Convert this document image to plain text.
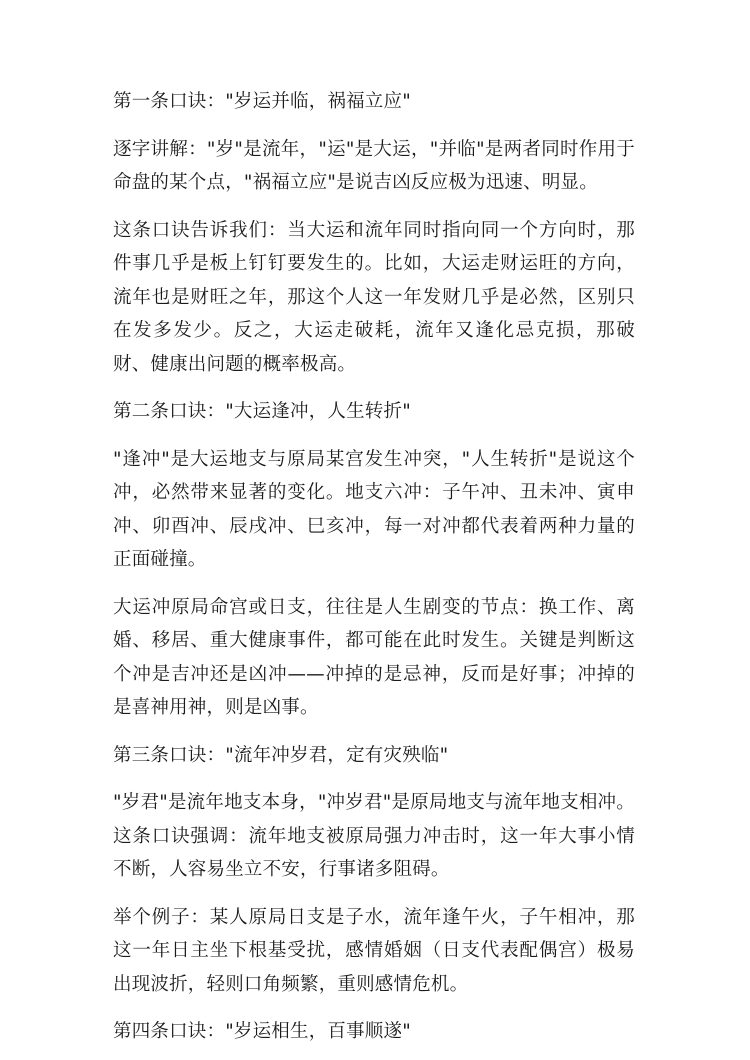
第一条口诀："岁运并临，祸福立应"

逐字讲解："岁"是流年，"运"是大运，"并临"是两者同时作用于命盘的某个点，"祸福立应"是说吉凶反应极为迅速、明显。

这条口诀告诉我们：当大运和流年同时指向同一个方向时，那件事几乎是板上钉钉要发生的。比如，大运走财运旺的方向，流年也是财旺之年，那这个人这一年发财几乎是必然，区别只在发多发少。反之，大运走破耗，流年又逢化忌克损，那破财、健康出问题的概率极高。

第二条口诀："大运逢冲，人生转折"

"逢冲"是大运地支与原局某宫发生冲突，"人生转折"是说这个冲，必然带来显著的变化。地支六冲：子午冲、丑未冲、寅申冲、卯酉冲、辰戌冲、巳亥冲，每一对冲都代表着两种力量的正面碰撞。

大运冲原局命宫或日支，往往是人生剧变的节点：换工作、离婚、移居、重大健康事件，都可能在此时发生。关键是判断这个冲是吉冲还是凶冲——冲掉的是忌神，反而是好事；冲掉的是喜神用神，则是凶事。

第三条口诀："流年冲岁君，定有灾殃临"

"岁君"是流年地支本身，"冲岁君"是原局地支与流年地支相冲。这条口诀强调：流年地支被原局强力冲击时，这一年大事小情不断，人容易坐立不安，行事诸多阻碍。

举个例子：某人原局日支是子水，流年逢午火，子午相冲，那这一年日主坐下根基受扰，感情婚姻（日支代表配偶宫）极易出现波折，轻则口角频繁，重则感情危机。

第四条口诀："岁运相生，百事顺遂"
